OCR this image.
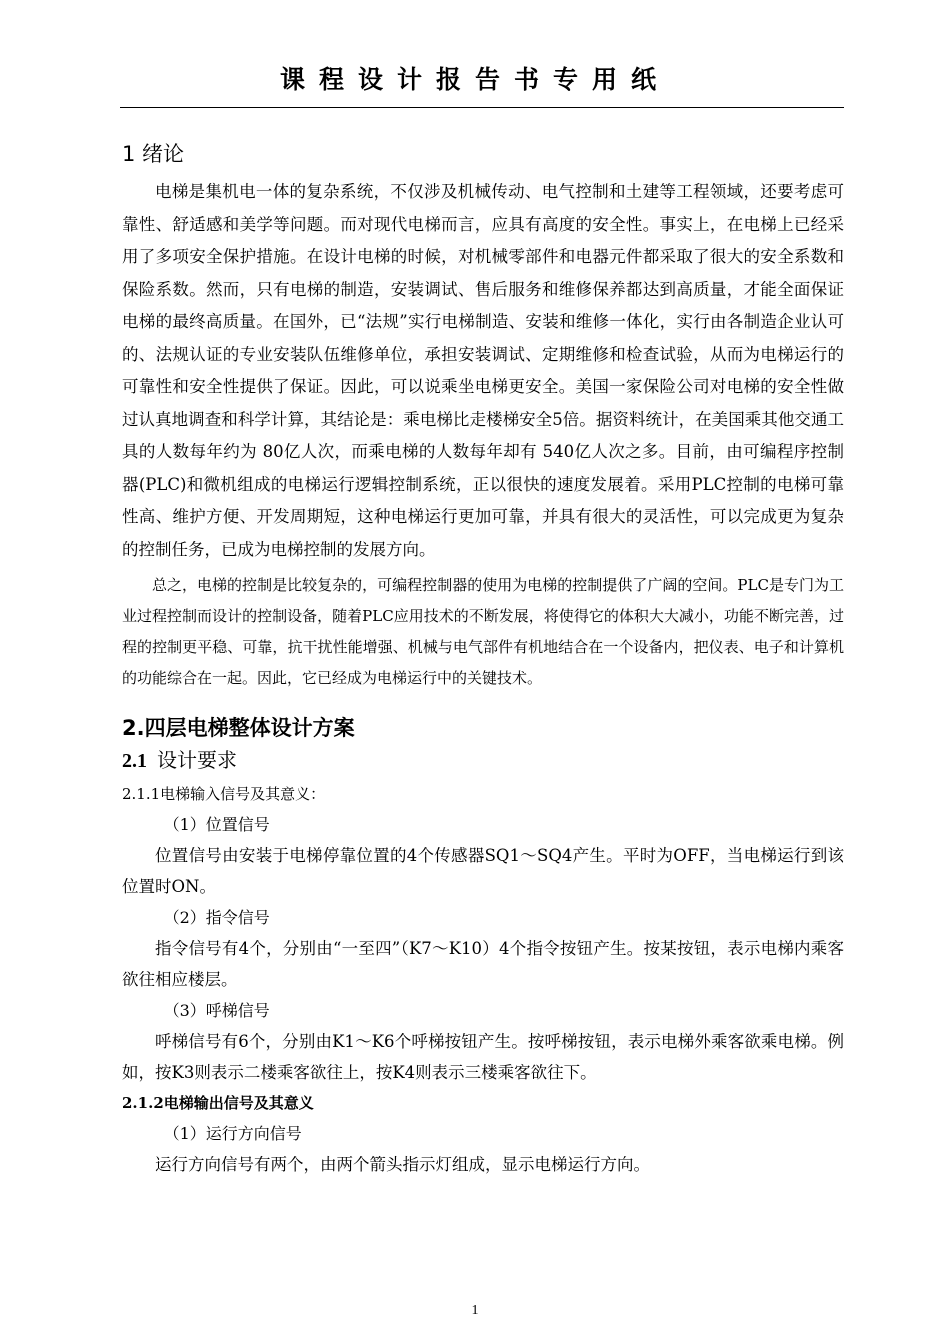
课程设计报告书专用纸
1 绪论

电梯是集机电一体的复杂系统，不仅涉及机械传动、电气控制和土建等工程领域，还要考虑可靠性、舒适感和美学等问题。而对现代电梯而言，应具有高度的安全性。事实上，在电梯上已经采用了多项安全保护措施。在设计电梯的时候，对机械零部件和电器元件都采取了很大的安全系数和保险系数。然而，只有电梯的制造，安装调试、售后服务和维修保养都达到高质量，才能全面保证电梯的最终高质量。在国外，已“法规”实行电梯制造、安装和维修一体化，实行由各制造企业认可的、法规认证的专业安装队伍维修单位，承担安装调试、定期维修和检查试验，从而为电梯运行的可靠性和安全性提供了保证。因此，可以说乘坐电梯更安全。美国一家保险公司对电梯的安全性做过认真地调查和科学计算，其结论是：乘电梯比走楼梯安全5倍。据资料统计，在美国乘其他交通工具的人数每年约为 80亿人次，而乘电梯的人数每年却有 540亿人次之多。目前，由可编程序控制器(PLC)和微机组成的电梯运行逻辑控制系统，正以很快的速度发展着。采用PLC控制的电梯可靠性高、维护方便、开发周期短，这种电梯运行更加可靠，并具有很大的灵活性，可以完成更为复杂的控制任务，已成为电梯控制的发展方向。

总之，电梯的控制是比较复杂的，可编程控制器的使用为电梯的控制提供了广阔的空间。PLC是专门为工业过程控制而设计的控制设备，随着PLC应用技术的不断发展，将使得它的体积大大减小，功能不断完善，过程的控制更平稳、可靠，抗干扰性能增强、机械与电气部件有机地结合在一个设备内，把仪表、电子和计算机的功能综合在一起。因此，它已经成为电梯运行中的关键技术。

2.四层电梯整体设计方案
2.1 设计要求
2.1.1电梯输入信号及其意义：
（1）位置信号

位置信号由安装于电梯停靠位置的4个传感器SQ1～SQ4产生。平时为OFF，当电梯运行到该位置时ON。

（2）指令信号

指令信号有4个，分别由“一至四”（K7～K10）4个指令按钮产生。按某按钮，表示电梯内乘客欲往相应楼层。

（3）呼梯信号

呼梯信号有6个，分别由K1～K6个呼梯按钮产生。按呼梯按钮，表示电梯外乘客欲乘电梯。例如，按K3则表示二楼乘客欲往上，按K4则表示三楼乘客欲往下。

2.1.2电梯输出信号及其意义
（1）运行方向信号

运行方向信号有两个，由两个箭头指示灯组成，显示电梯运行方向。

1
